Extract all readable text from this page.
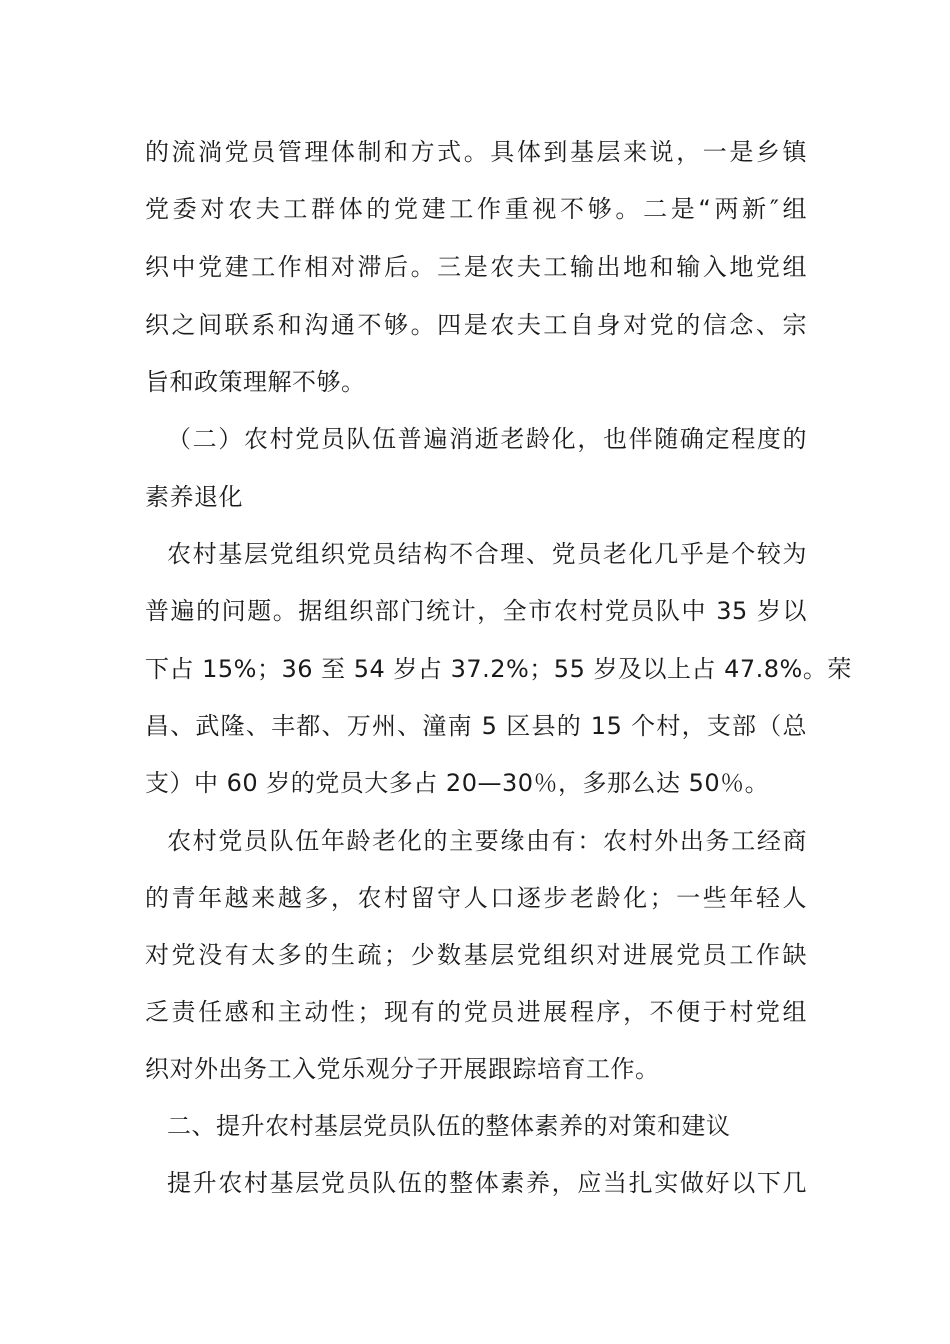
的流淌党员管理体制和方式。具体到基层来说，一是乡镇
党委对农夫工群体的党建工作重视不够。二是“两新″组
织中党建工作相对滞后。三是农夫工输出地和输入地党组
织之间联系和沟通不够。四是农夫工自身对党的信念、宗
旨和政策理解不够。
（二）农村党员队伍普遍消逝老龄化，也伴随确定程度的
素养退化
农村基层党组织党员结构不合理、党员老化几乎是个较为
普遍的问题。据组织部门统计，全市农村党员队中 35 岁以
下占 15%；36 至 54 岁占 37.2%；55 岁及以上占 47.8%。荣
昌、武隆、丰都、万州、潼南 5 区县的 15 个村，支部（总
支）中 60 岁的党员大多占 20—30％，多那么达 50％。
农村党员队伍年龄老化的主要缘由有：农村外出务工经商
的青年越来越多，农村留守人口逐步老龄化；一些年轻人
对党没有太多的生疏；少数基层党组织对进展党员工作缺
乏责任感和主动性；现有的党员进展程序，不便于村党组
织对外出务工入党乐观分子开展跟踪培育工作。
二、提升农村基层党员队伍的整体素养的对策和建议
提升农村基层党员队伍的整体素养，应当扎实做好以下几
